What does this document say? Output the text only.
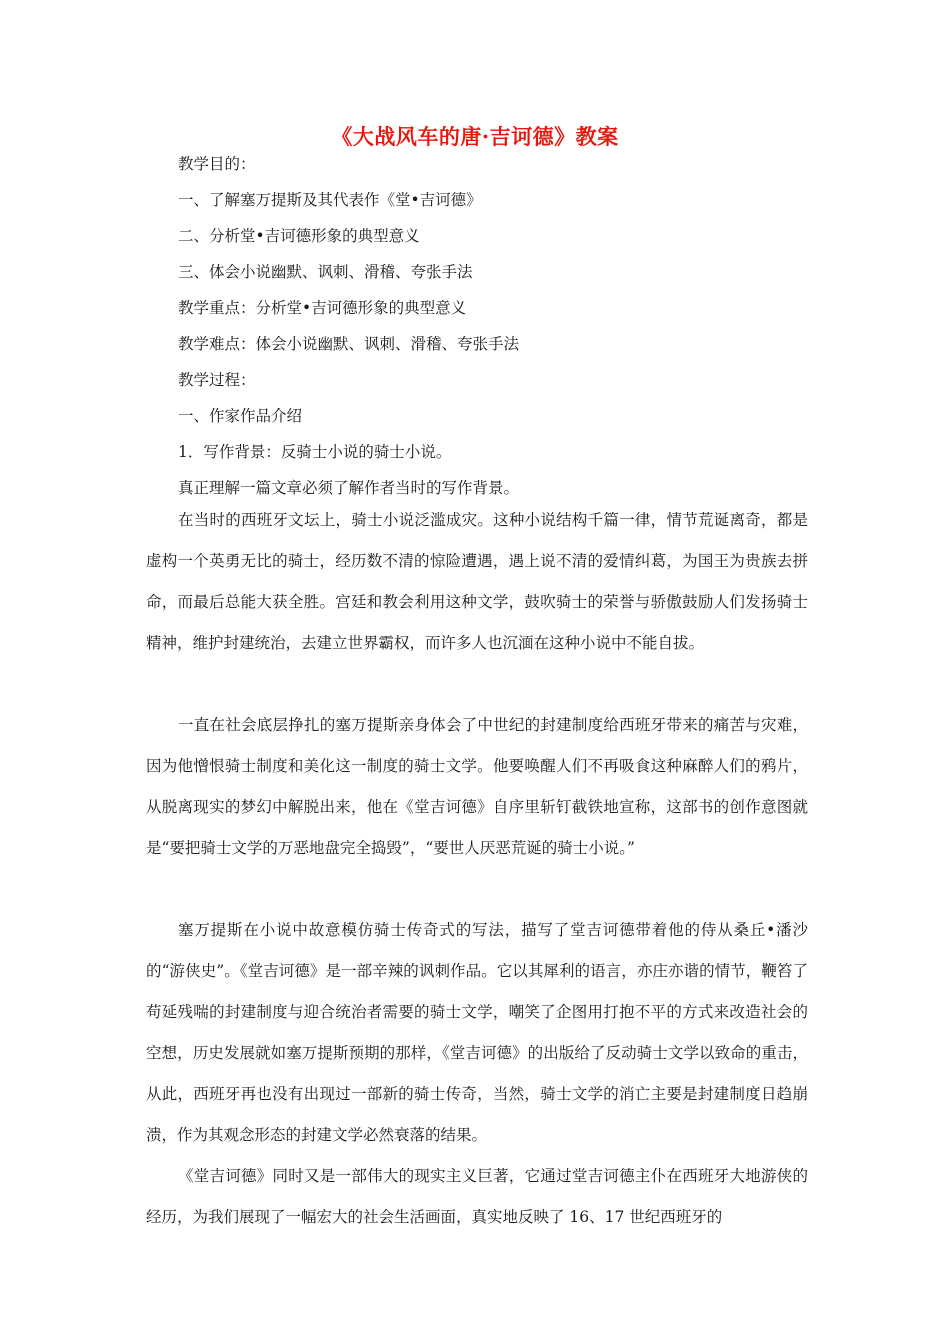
《大战风车的唐·吉诃德》教案
教学目的：
一、了解塞万提斯及其代表作《堂•吉诃德》
二、分析堂•吉诃德形象的典型意义
三、体会小说幽默、讽刺、滑稽、夸张手法
教学重点：分析堂•吉诃德形象的典型意义
教学难点：体会小说幽默、讽刺、滑稽、夸张手法
教学过程：
一、作家作品介绍
1．写作背景：反骑士小说的骑士小说。
真正理解一篇文章必须了解作者当时的写作背景。

在当时的西班牙文坛上，骑士小说泛滥成灾。这种小说结构千篇一律，情节荒诞离奇，都是虚构一个英勇无比的骑士，经历数不清的惊险遭遇，遇上说不清的爱情纠葛，为国王为贵族去拼命，而最后总能大获全胜。宫廷和教会利用这种文学，鼓吹骑士的荣誉与骄傲鼓励人们发扬骑士精神，维护封建统治，去建立世界霸权，而许多人也沉湎在这种小说中不能自拔。

一直在社会底层挣扎的塞万提斯亲身体会了中世纪的封建制度给西班牙带来的痛苦与灾难，因为他憎恨骑士制度和美化这一制度的骑士文学。他要唤醒人们不再吸食这种麻醉人们的鸦片，从脱离现实的梦幻中解脱出来，他在《堂吉诃德》自序里斩钉截铁地宣称，这部书的创作意图就是“要把骑士文学的万恶地盘完全捣毁”，“要世人厌恶荒诞的骑士小说。”

塞万提斯在小说中故意模仿骑士传奇式的写法，描写了堂吉诃德带着他的侍从桑丘•潘沙的“游侠史”。《堂吉诃德》是一部辛辣的讽刺作品。它以其犀利的语言，亦庄亦谐的情节，鞭笞了苟延残喘的封建制度与迎合统治者需要的骑士文学，嘲笑了企图用打抱不平的方式来改造社会的空想，历史发展就如塞万提斯预期的那样，《堂吉诃德》的出版给了反动骑士文学以致命的重击，从此，西班牙再也没有出现过一部新的骑士传奇，当然，骑士文学的消亡主要是封建制度日趋崩溃，作为其观念形态的封建文学必然衰落的结果。

《堂吉诃德》同时又是一部伟大的现实主义巨著，它通过堂吉诃德主仆在西班牙大地游侠的经历，为我们展现了一幅宏大的社会生活画面，真实地反映了 16、17 世纪西班牙的
